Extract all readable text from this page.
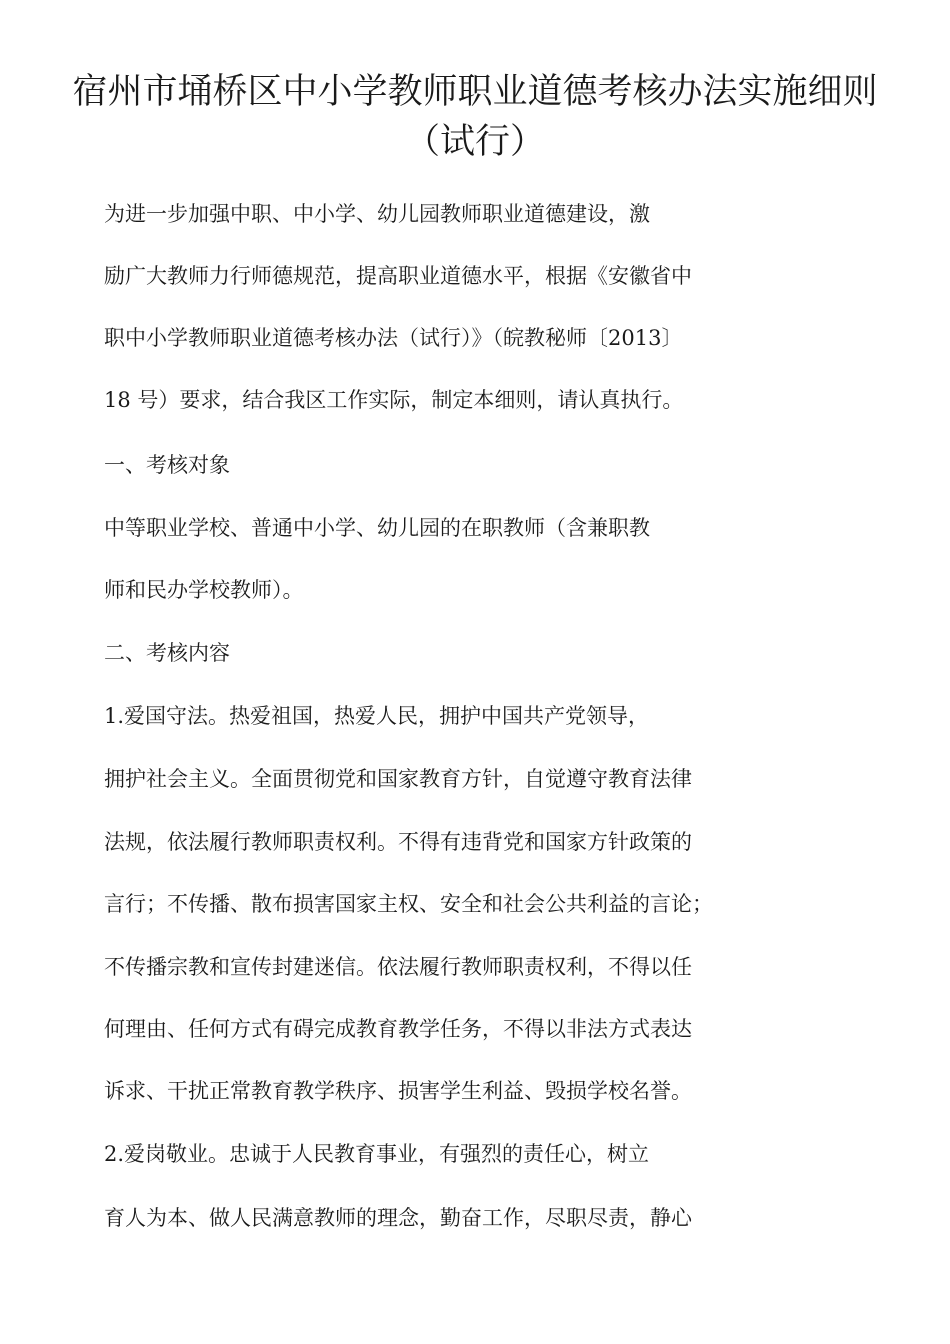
宿州市埇桥区中小学教师职业道德考核办法实施细则
（试行）

为进一步加强中职、中小学、幼儿园教师职业道德建设，激

励广大教师力行师德规范，提高职业道德水平，根据《安徽省中

职中小学教师职业道德考核办法（试行）》（皖教秘师〔2013〕

18 号）要求，结合我区工作实际，制定本细则，请认真执行。

一、考核对象

中等职业学校、普通中小学、幼儿园的在职教师（含兼职教

师和民办学校教师）。

二、考核内容

1.爱国守法。热爱祖国，热爱人民，拥护中国共产党领导，

拥护社会主义。全面贯彻党和国家教育方针，自觉遵守教育法律

法规，依法履行教师职责权利。不得有违背党和国家方针政策的

言行；不传播、散布损害国家主权、安全和社会公共利益的言论；

不传播宗教和宣传封建迷信。依法履行教师职责权利，不得以任

何理由、任何方式有碍完成教育教学任务，不得以非法方式表达

诉求、干扰正常教育教学秩序、损害学生利益、毁损学校名誉。

2.爱岗敬业。忠诚于人民教育事业，有强烈的责任心，树立

育人为本、做人民满意教师的理念，勤奋工作，尽职尽责，静心
